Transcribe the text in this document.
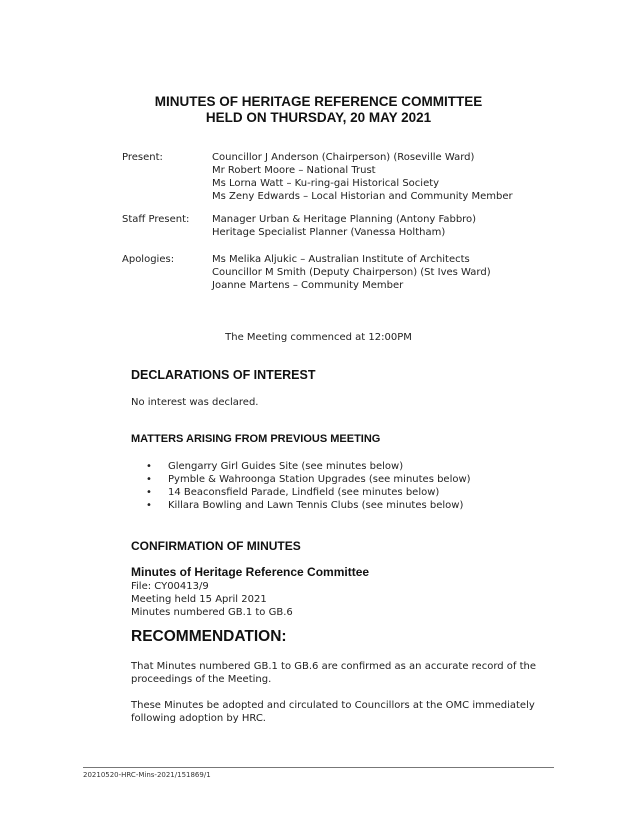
MINUTES OF HERITAGE REFERENCE COMMITTEE
HELD ON THURSDAY, 20 MAY 2021
Present:	Councillor J Anderson (Chairperson) (Roseville Ward)
Mr Robert Moore – National Trust
Ms Lorna Watt – Ku-ring-gai Historical Society
Ms Zeny Edwards – Local Historian and Community Member
Staff Present: Manager Urban & Heritage Planning (Antony Fabbro)
Heritage Specialist Planner (Vanessa Holtham)
Apologies:	Ms Melika Aljukic – Australian Institute of Architects
Councillor M Smith (Deputy Chairperson) (St Ives Ward)
Joanne Martens – Community Member
The Meeting commenced at 12:00PM
DECLARATIONS OF INTEREST
No interest was declared.
MATTERS ARISING FROM PREVIOUS MEETING
• Glengarry Girl Guides Site (see minutes below)
• Pymble & Wahroonga Station Upgrades (see minutes below)
• 14 Beaconsfield Parade, Lindfield (see minutes below)
• Killara Bowling and Lawn Tennis Clubs (see minutes below)
CONFIRMATION OF MINUTES
Minutes of Heritage Reference Committee
File: CY00413/9
Meeting held 15 April 2021
Minutes numbered GB.1 to GB.6
RECOMMENDATION:
That Minutes numbered GB.1 to GB.6 are confirmed as an accurate record of the
proceedings of the Meeting.
These Minutes be adopted and circulated to Councillors at the OMC immediately
following adoption by HRC.
20210520-HRC-Mins-2021/151869/1
